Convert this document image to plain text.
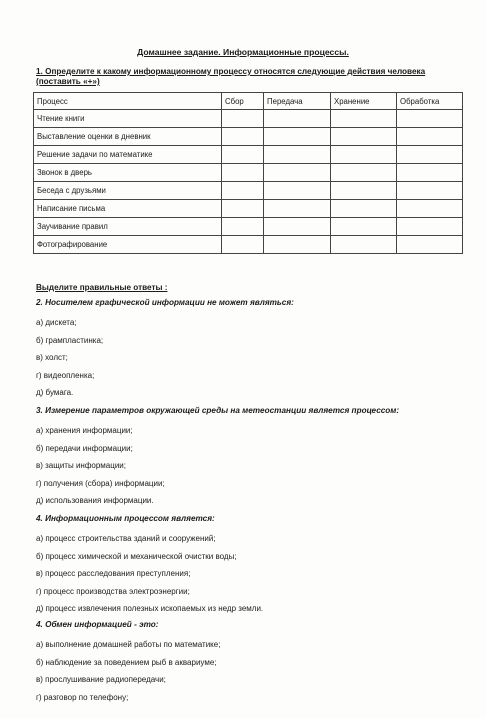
Домашнее задание. Информационные процессы.
1. Определите к какому информационному процессу относятся следующие действия человека (поставить «+»)
Процесс	Сбор	Передача	Хранение	Обработка
Чтение книги				
Выставление оценки в дневник				
Решение задачи по математике				
Звонок в дверь				
Беседа с друзьями				
Написание письма				
Заучивание правил				
Фотографирование				
Выделите правильные ответы :
2. Носителем графической информации не может являться:
а) дискета;
б) грампластинка;
в) холст;
г) видеопленка;
д) бумага.
3. Измерение параметров окружающей среды на метеостанции является процессом:
а) хранения информации;
б) передачи информации;
в) защиты информации;
г) получения (сбора) информации;
д) использования информации.
4. Информационным процессом является:
а) процесс строительства зданий и сооружений;
б) процесс химической и механической очистки воды;
в) процесс расследования преступления;
г) процесс производства электроэнергии;
д) процесс извлечения полезных ископаемых из недр земли.
4. Обмен информацией - это:
а) выполнение домашней работы по математике;
б) наблюдение за поведением рыб в аквариуме;
в) прослушивание радиопередачи;
г) разговор по телефону;
